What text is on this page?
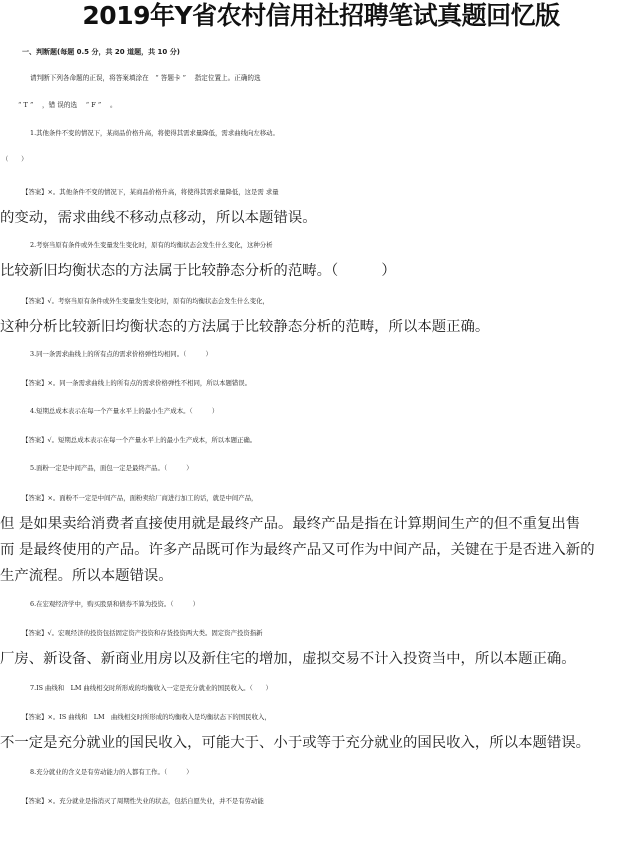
2019年Y省农村信用社招聘笔试真题回忆版
一、判断题(每题 0.5 分，共 20 道题，共 10 分)
请判断下列各命题的正误，将答案填涂在　“ 答题卡 ” 　指定位置上。正确的选
“ T ” 　，错 误的选　 “ F ” 　。
1.其他条件不变的情况下，某商品价格升高，将使得其需求量降低，需求曲线向左移动。
（　　）
【答案】×。其他条件不变的情况下，某商品价格升高，将使得其需求量降低，这是需 求量
的变动，需求曲线不移动点移动，所以本题错误。
2.考察当原有条件或外生变量发生变化时，原有的均衡状态会发生什么变化，这种分析
比较新旧均衡状态的方法属于比较静态分析的范畴。（　　　）
【答案】√。考察当原有条件或外生变量发生变化时，原有的均衡状态会发生什么变化，
这种分析比较新旧均衡状态的方法属于比较静态分析的范畴，所以本题正确。
3.同一条需求曲线上的所有点的需求价格弹性均相同。（　　　）
【答案】×。同一条需求曲线上的所有点的需求价格弹性不相同，所以本题错误。
4.短期总成本表示在每一个产量水平上的最小生产成本。（　　　）
【答案】√。短期总成本表示在每一个产量水平上的最小生产成本，所以本题正确。
5.面粉一定是中间产品，面包一定是最终产品。（　　　）
【答案】×。面粉不一定是中间产品，面粉卖给厂商进行加工的话，就是中间产品，
但 是如果卖给消费者直接使用就是最终产品。最终产品是指在计算期间生产的但不重复出售
而 是最终使用的产品。许多产品既可作为最终产品又可作为中间产品，关键在于是否进入新的
生产流程。所以本题错误。
6.在宏观经济学中，购买股票和债券不算为投资。（　　　）
【答案】√。宏观经济的投资包括固定资产投资和存货投资两大类。固定资产投资指新
厂房、新设备、新商业用房以及新住宅的增加，虚拟交易不计入投资当中，所以本题正确。
7.IS 曲线和　LM 曲线相交时所形成的均衡收入一定是充分就业的国民收入。（　　）
【答案】×。IS 曲线和　LM　曲线相交时所形成的均衡收入是均衡状态下的国民收入，
不一定是充分就业的国民收入，可能大于、小于或等于充分就业的国民收入，所以本题错误。
8.充分就业的含义是有劳动能力的人都有工作。（　　　）
【答案】×。充分就业是指消灭了周期性失业的状态，包括自愿失业，并不是有劳动能
